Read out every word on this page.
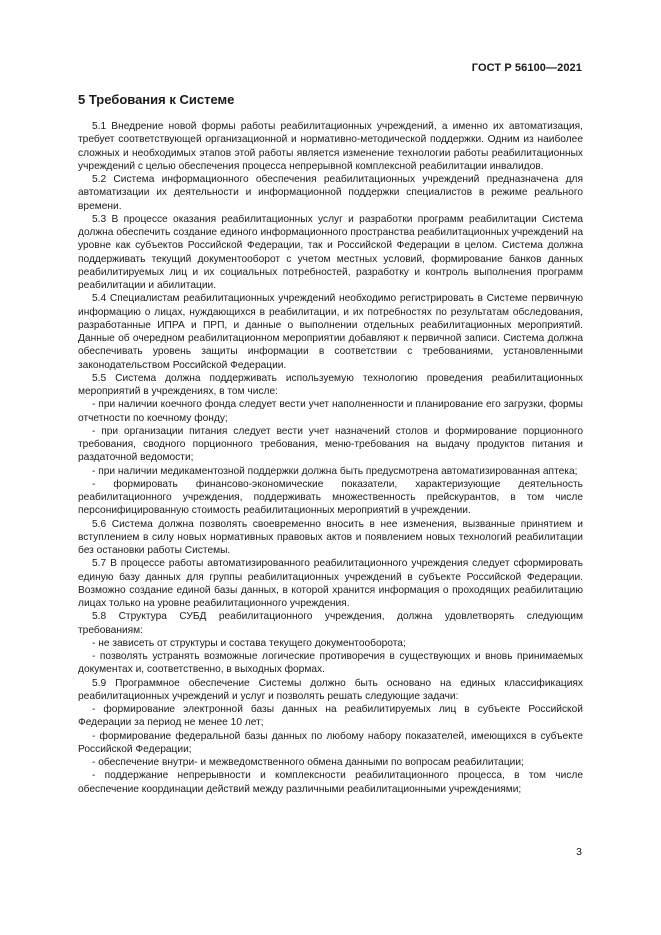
ГОСТ Р 56100—2021
5 Требования к Системе

5.1 Внедрение новой формы работы реабилитационных учреждений, а именно их автоматизация, требует соответствующей организационной и нормативно-методической поддержки. Одним из наиболее сложных и необходимых этапов этой работы является изменение технологии работы реабилитационных учреждений с целью обеспечения процесса непрерывной комплексной реабилитации инвалидов.

5.2 Система информационного обеспечения реабилитационных учреждений предназначена для автоматизации их деятельности и информационной поддержки специалистов в режиме реального времени.

5.3 В процессе оказания реабилитационных услуг и разработки программ реабилитации Система должна обеспечить создание единого информационного пространства реабилитационных учреждений на уровне как субъектов Российской Федерации, так и Российской Федерации в целом. Система должна поддерживать текущий документооборот с учетом местных условий, формирование банков данных реабилитируемых лиц и их социальных потребностей, разработку и контроль выполнения программ реабилитации и абилитации.

5.4 Специалистам реабилитационных учреждений необходимо регистрировать в Системе первичную информацию о лицах, нуждающихся в реабилитации, и их потребностях по результатам обследования, разработанные ИПРА и ПРП, и данные о выполнении отдельных реабилитационных мероприятий. Данные об очередном реабилитационном мероприятии добавляют к первичной записи. Система должна обеспечивать уровень защиты информации в соответствии с требованиями, установленными законодательством Российской Федерации.

5.5 Система должна поддерживать используемую технологию проведения реабилитационных мероприятий в учреждениях, в том числе:

- при наличии коечного фонда следует вести учет наполненности и планирование его загрузки, формы отчетности по коечному фонду;

- при организации питания следует вести учет назначений столов и формирование порционного требования, сводного порционного требования, меню-требования на выдачу продуктов питания и раздаточной ведомости;

- при наличии медикаментозной поддержки должна быть предусмотрена автоматизированная аптека;

- формировать финансово-экономические показатели, характеризующие деятельность реабилитационного учреждения, поддерживать множественность прейскурантов, в том числе персонифицированную стоимость реабилитационных мероприятий в учреждении.

5.6 Система должна позволять своевременно вносить в нее изменения, вызванные принятием и вступлением в силу новых нормативных правовых актов и появлением новых технологий реабилитации без остановки работы Системы.

5.7 В процессе работы автоматизированного реабилитационного учреждения следует сформировать единую базу данных для группы реабилитационных учреждений в субъекте Российской Федерации. Возможно создание единой базы данных, в которой хранится информация о проходящих реабилитацию лицах только на уровне реабилитационного учреждения.

5.8 Структура СУБД реабилитационного учреждения, должна удовлетворять следующим требованиям:

- не зависеть от структуры и состава текущего документооборота;

- позволять устранять возможные логические противоречия в существующих и вновь принимаемых документах и, соответственно, в выходных формах.

5.9 Программное обеспечение Системы должно быть основано на единых классификациях реабилитационных учреждений и услуг и позволять решать следующие задачи:

- формирование электронной базы данных на реабилитируемых лиц в субъекте Российской Федерации за период не менее 10 лет;

- формирование федеральной базы данных по любому набору показателей, имеющихся в субъекте Российской Федерации;

- обеспечение внутри- и межведомственного обмена данными по вопросам реабилитации;

- поддержание непрерывности и комплексности реабилитационного процесса, в том числе обеспечение координации действий между различными реабилитационными учреждениями;

3
